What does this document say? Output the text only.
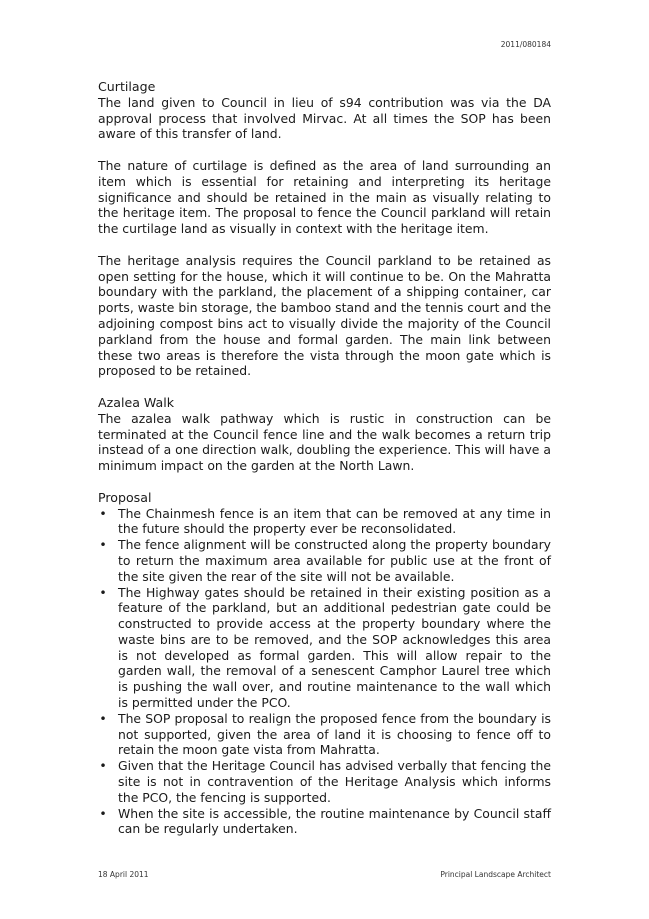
2011/080184
Curtilage

The land given to Council in lieu of s94 contribution was via the DA approval process that involved Mirvac. At all times the SOP has been aware of this transfer of land.

The nature of curtilage is defined as the area of land surrounding an item which is essential for retaining and interpreting its heritage significance and should be retained in the main as visually relating to the heritage item. The proposal to fence the Council parkland will retain the curtilage land as visually in context with the heritage item.

The heritage analysis requires the Council parkland to be retained as open setting for the house, which it will continue to be. On the Mahratta boundary with the parkland, the placement of a shipping container, car ports, waste bin storage, the bamboo stand and the tennis court and the adjoining compost bins act to visually divide the majority of the Council parkland from the house and formal garden. The main link between these two areas is therefore the vista through the moon gate which is proposed to be retained.

Azalea Walk

The azalea walk pathway which is rustic in construction can be terminated at the Council fence line and the walk becomes a return trip instead of a one direction walk, doubling the experience. This will have a minimum impact on the garden at the North Lawn.

Proposal
• The Chainmesh fence is an item that can be removed at any time in the future should the property ever be reconsolidated.
• The fence alignment will be constructed along the property boundary to return the maximum area available for public use at the front of the site given the rear of the site will not be available.
• The Highway gates should be retained in their existing position as a feature of the parkland, but an additional pedestrian gate could be constructed to provide access at the property boundary where the waste bins are to be removed, and the SOP acknowledges this area is not developed as formal garden. This will allow repair to the garden wall, the removal of a senescent Camphor Laurel tree which is pushing the wall over, and routine maintenance to the wall which is permitted under the PCO.
• The SOP proposal to realign the proposed fence from the boundary is not supported, given the area of land it is choosing to fence off to retain the moon gate vista from Mahratta.
• Given that the Heritage Council has advised verbally that fencing the site is not in contravention of the Heritage Analysis which informs the PCO, the fencing is supported.
• When the site is accessible, the routine maintenance by Council staff can be regularly undertaken.
18 April 2011	Principal Landscape Architect
